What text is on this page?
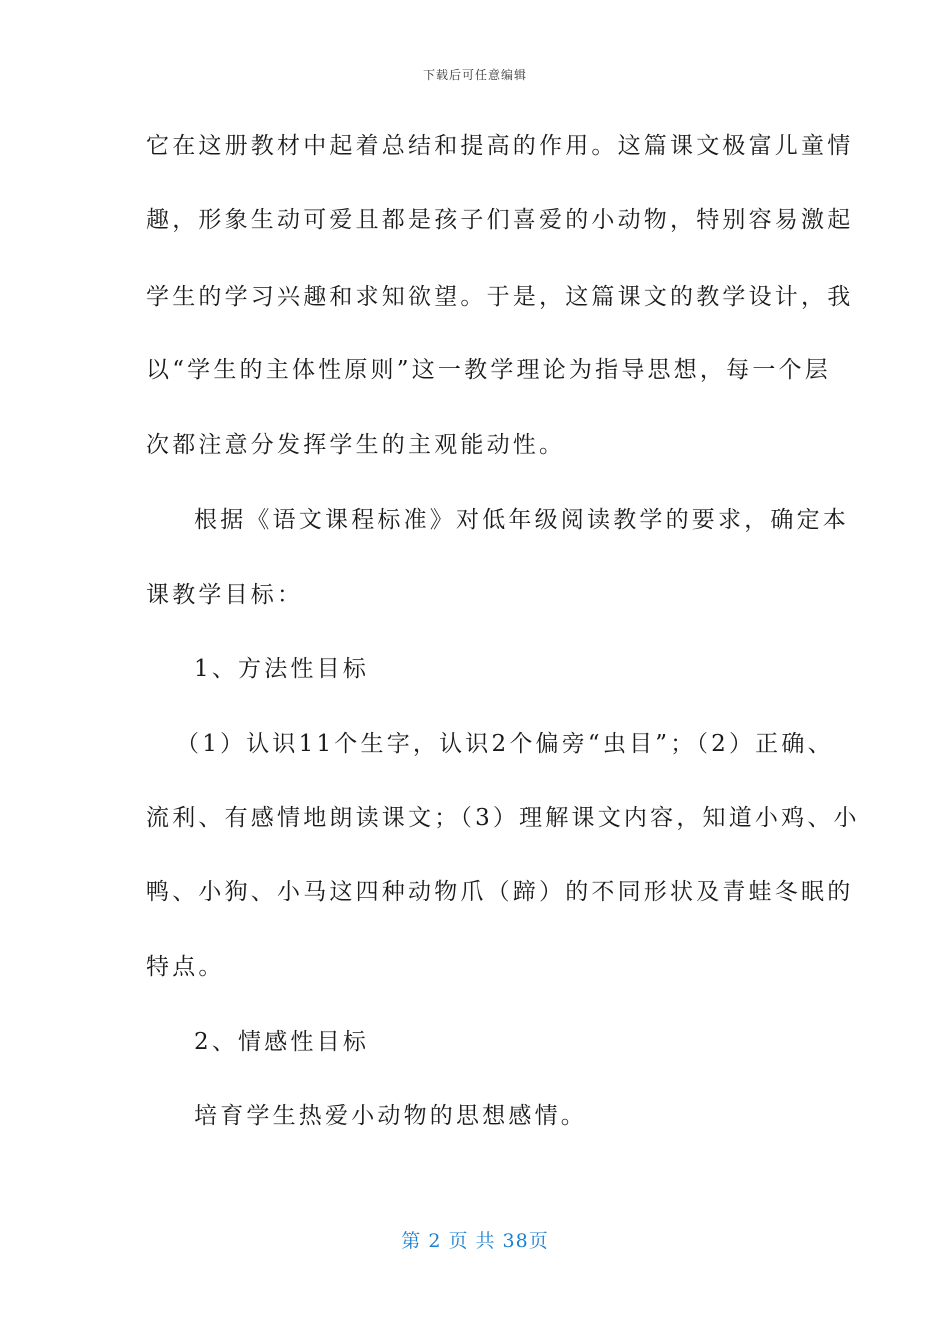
下载后可任意编辑
它在这册教材中起着总结和提高的作用。这篇课文极富儿童情
趣，形象生动可爱且都是孩子们喜爱的小动物，特别容易激起
学生的学习兴趣和求知欲望。于是，这篇课文的教学设计，我
以“学生的主体性原则”这一教学理论为指导思想，每一个层
次都注意分发挥学生的主观能动性。
根据《语文课程标准》对低年级阅读教学的要求，确定本
课教学目标：
1、方法性目标
（1）认识11个生字，认识2个偏旁“虫目”；（2）正确、
流利、有感情地朗读课文；（3）理解课文内容，知道小鸡、小
鸭、小狗、小马这四种动物爪（蹄）的不同形状及青蛙冬眠的
特点。
2、情感性目标
培育学生热爱小动物的思想感情。
第 2 页 共 38页
